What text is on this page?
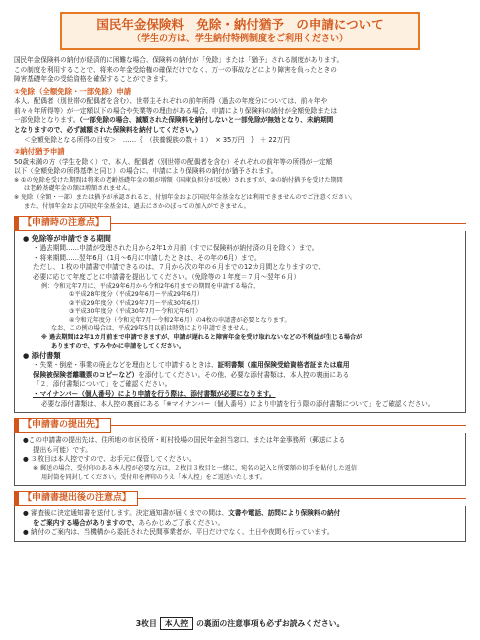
国民年金保険料　免除・納付猶予　の申請について
（学生の方は、学生納付特例制度をご利用ください）

国民年金保険料の納付が経済的に困難な場合、保険料の納付が「免除」または「猶予」される制度があります。

この制度を利用することで、将来の年金受給権の確保だけでなく、万一の事故などにより障害を負ったときの

障害基礎年金の受給資格を確保することができます。

①免除（全額免除・一部免除）申請

本人、配偶者（別世帯の配偶者を含む）、世帯主それぞれの前年所得（過去の年度分については、前々年や

前々々年所得等）が一定額以下の場合や失業等の理由がある場合、申請により保険料の納付が全額免除または

一部免除となります。（一部免除の場合、減額された保険料を納付しないと一部免除が無効となり、未納期間

となりますので、必ず減額された保険料を納付してください。）

＜全額免除となる所得の目安＞　……｛　（扶養親族の数＋１）　× 35万円　｝ ＋ 22万円

②納付猶予申請

50歳未満の方（学生を除く）で、本人、配偶者（別世帯の配偶者を含む）それぞれの前年等の所得が一定額

以下（全額免除の所得基準と同じ）の場合に、申請により保険料の納付が猶予されます。

※ ①の免除を受けた期間は将来の老齢基礎年金の額が増額（国庫負担分が反映）されますが、②の納付猶予を受けた期間

は老齢基礎年金の額は増額されません。

※ 免除（全額・一部）または猶予が承認されると、付加年金および国民年金基金などは利用できませんのでご注意ください。

また、付加年金および国民年金基金は、過去にさかのぼっての加入ができません。

【申請時の注意点】
● 免除等が申請できる期間

・過去期間……申請が受理された月から2年1カ月前（すでに保険料が納付済の月を除く）まで。

・将来期間……翌年6月（1月～6月に申請したときは、その年の6月）まで。

ただし、１枚の申請書で申請できるのは、７月から次の年の６月までの12カ月間となりますので、

必要に応じて年度ごとに申請書を提出してください。（免除等の１年度＝７月～翌年６月）

例：令和元年7月に、平成29年6月から令和2年6月までの期間を申請する場合、

①平成28年度分（平成29年6月～平成29年6月）

②平成29年度分（平成29年7月～平成30年6月）

③平成30年度分（平成30年7月～令和元年6月）

④令和元年度分（令和元年7月～令和2年6月）の4枚の申請書が必要となります。

なお、この例の場合は、平成29年5月以前は時効により申請できません。

※ 過去期間は2年1カ月前まで申請できますが、申請が遅れると障害年金を受け取れないなどの不利益が生じる場合が

ありますので、すみやかに申請をしてください。

● 添付書類

・失業・倒産・事業の廃止などを理由として申請するときは、証明書類（雇用保険受給資格者証または雇用

保険被保険者離職票のコピーなど）を添付してください。その他、必要な添付書類は、本人控の裏面にある

「２．添付書類について」をご確認ください。

・マイナンバー（個人番号）により申請を行う際は、添付書類が必要になります。

必要な添付書類は、本人控の裏面にある「※マイナンバー（個人番号）により申請を行う際の添付書類について」をご確認ください。

【申請書の提出先】

●この申請書の提出先は、住所地の市区役所・町村役場の国民年金担当窓口、または年金事務所（郵送による

提出も可能）です。

● ３枚目は本人控ですので、お手元に保管してください。

※ 郵送の場合、受付印のある本人控が必要な方は、２枚目３枚目と一緒に、宛名の記入と所要額の切手を貼付した返信

用封筒を同封してください。受付印を押印のうえ「本人控」をご返送いたします。

【申請書提出後の注意点】

● 審査後に決定通知書を送付します。決定通知書が届くまでの間は、文書や電話、訪問により保険料の納付

をご案内する場合がありますので、あらかじめご了承ください。

● 納付のご案内は、当機構から委託された民間事業者が、平日だけでなく、土日や夜間も行っています。

3枚目 本人控 の裏面の注意事項も必ずお読みください。
